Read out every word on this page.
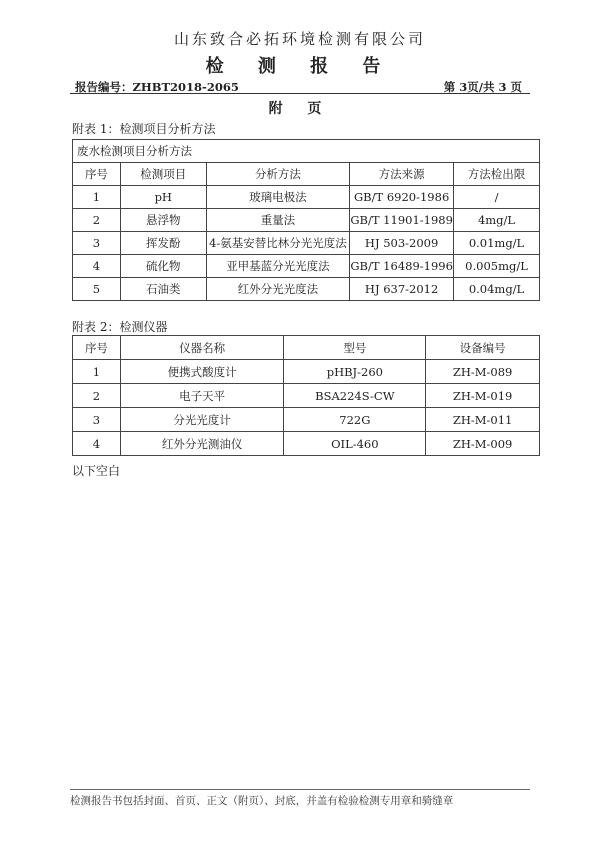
山东致合必拓环境检测有限公司
检 测 报 告
报告编号：ZHBT2018-2065	第 3页/共 3 页
附 页
附表 1：检测项目分析方法
废水检测项目分析方法				
序号	检测项目	分析方法	方法来源	方法检出限
1	pH	玻璃电极法	GB/T 6920-1986	/
2	悬浮物	重量法	GB/T 11901-1989	4mg/L
3	挥发酚	4-氨基安替比林分光光度法	HJ 503-2009	0.01mg/L
4	硫化物	亚甲基蓝分光光度法	GB/T 16489-1996	0.005mg/L
5	石油类	红外分光光度法	HJ 637-2012	0.04mg/L
附表 2：检测仪器
序号	仪器名称	型号	设备编号
1	便携式酸度计	pHBJ-260	ZH-M-089
2	电子天平	BSA224S-CW	ZH-M-019
3	分光光度计	722G	ZH-M-011
4	红外分光测油仪	OIL-460	ZH-M-009
以下空白
检测报告书包括封面、首页、正文（附页）、封底，并盖有检验检测专用章和骑缝章
